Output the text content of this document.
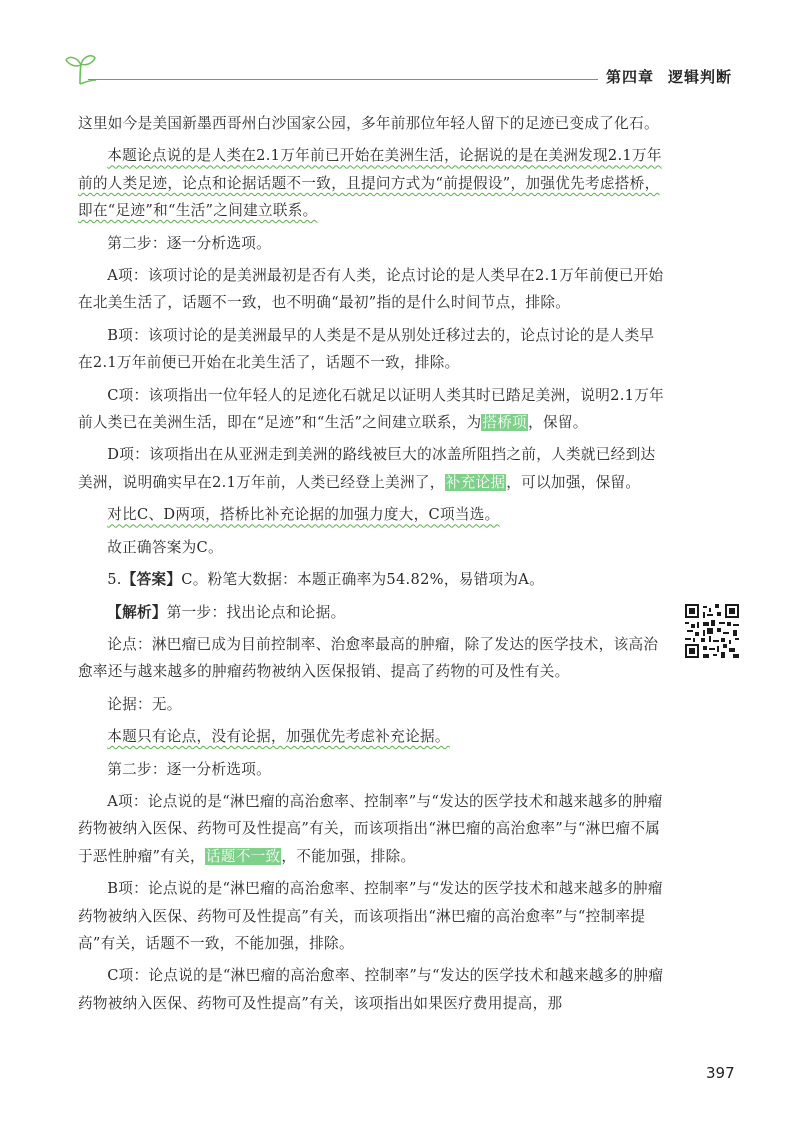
第四章 逻辑判断

这里如今是美国新墨西哥州白沙国家公园，多年前那位年轻人留下的足迹已变成了化石。

本题论点说的是人类在2.1万年前已开始在美洲生活，论据说的是在美洲发现2.1万年前的人类足迹，论点和论据话题不一致，且提问方式为“前提假设”，加强优先考虑搭桥，即在“足迹”和“生活”之间建立联系。

第二步：逐一分析选项。

A项：该项讨论的是美洲最初是否有人类，论点讨论的是人类早在2.1万年前便已开始在北美生活了，话题不一致，也不明确“最初”指的是什么时间节点，排除。

B项：该项讨论的是美洲最早的人类是不是从别处迁移过去的，论点讨论的是人类早在2.1万年前便已开始在北美生活了，话题不一致，排除。

C项：该项指出一位年轻人的足迹化石就足以证明人类其时已踏足美洲，说明2.1万年前人类已在美洲生活，即在“足迹”和“生活”之间建立联系，为搭桥项，保留。

D项：该项指出在从亚洲走到美洲的路线被巨大的冰盖所阻挡之前，人类就已经到达美洲，说明确实早在2.1万年前，人类已经登上美洲了，补充论据，可以加强，保留。

对比C、D两项，搭桥比补充论据的加强力度大，C项当选。

故正确答案为C。

5.【答案】C。粉笔大数据：本题正确率为54.82%，易错项为A。

【解析】第一步：找出论点和论据。

论点：淋巴瘤已成为目前控制率、治愈率最高的肿瘤，除了发达的医学技术，该高治愈率还与越来越多的肿瘤药物被纳入医保报销、提高了药物的可及性有关。

论据：无。

本题只有论点，没有论据，加强优先考虑补充论据。

第二步：逐一分析选项。

A项：论点说的是“淋巴瘤的高治愈率、控制率”与“发达的医学技术和越来越多的肿瘤药物被纳入医保、药物可及性提高”有关，而该项指出“淋巴瘤的高治愈率”与“淋巴瘤不属于恶性肿瘤”有关，话题不一致，不能加强，排除。

B项：论点说的是“淋巴瘤的高治愈率、控制率”与“发达的医学技术和越来越多的肿瘤药物被纳入医保、药物可及性提高”有关，而该项指出“淋巴瘤的高治愈率”与“控制率提高”有关，话题不一致，不能加强，排除。

C项：论点说的是“淋巴瘤的高治愈率、控制率”与“发达的医学技术和越来越多的肿瘤药物被纳入医保、药物可及性提高”有关，该项指出如果医疗费用提高，那

397
